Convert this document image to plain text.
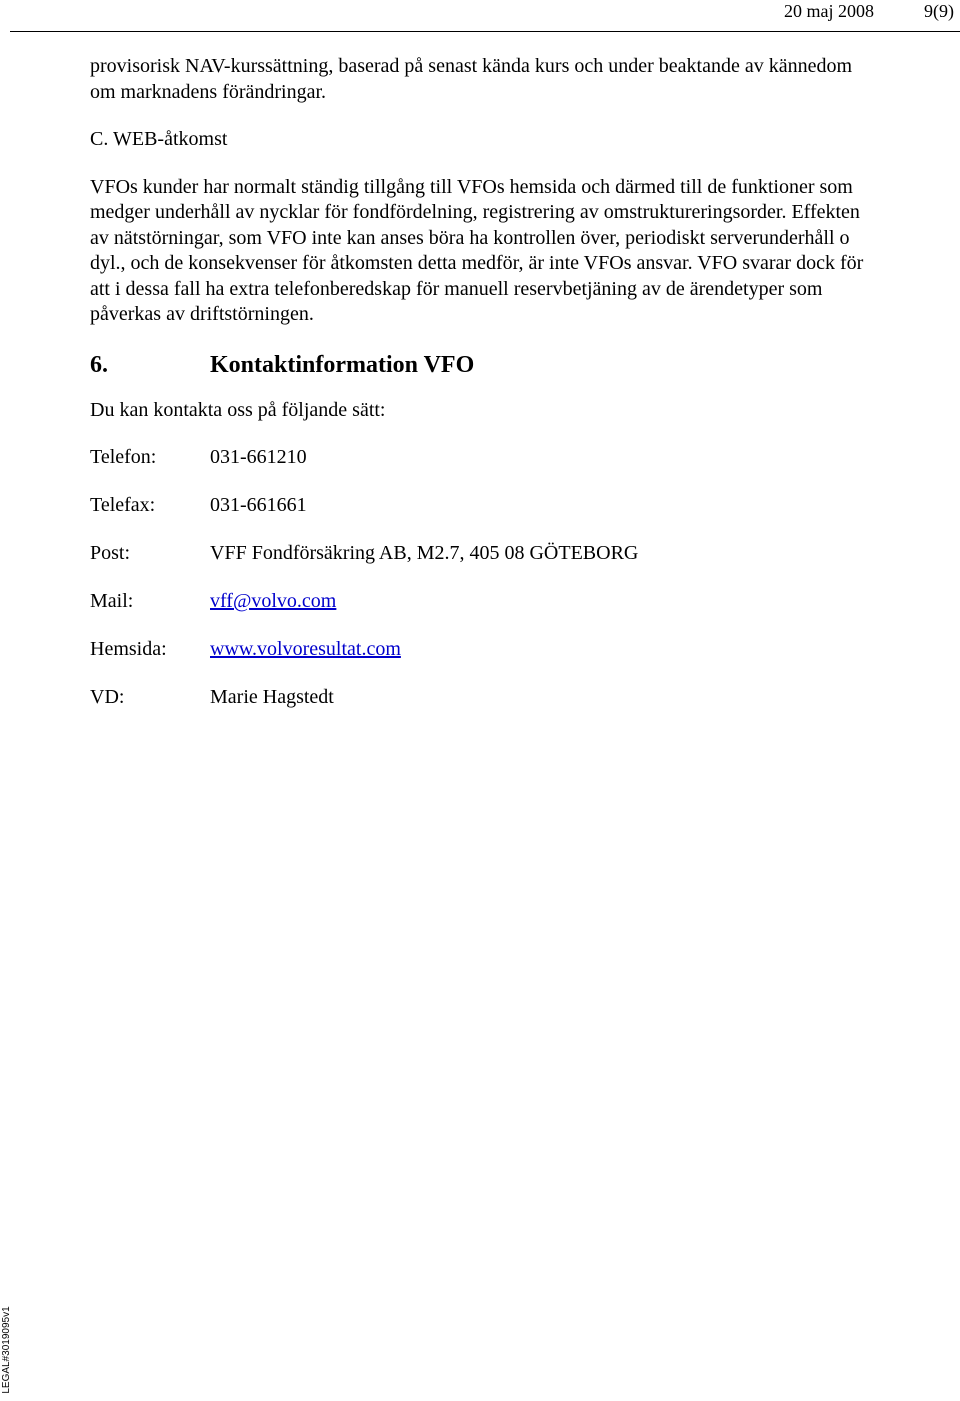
20 maj 2008	9(9)

provisorisk NAV-kurssättning, baserad på senast kända kurs och under beaktande av kännedom om marknadens förändringar.

C. WEB-åtkomst

VFOs kunder har normalt ständig tillgång till VFOs hemsida och därmed till de funktioner som medger underhåll av nycklar för fondfördelning, registrering av omstruktureringsorder. Effekten av nätstörningar, som VFO inte kan anses böra ha kontrollen över, periodiskt serverunderhåll o dyl., och de konsekvenser för åtkomsten detta medför, är inte VFOs ansvar. VFO svarar dock för att i dessa fall ha extra telefonberedskap för manuell reservbetjäning av de ärendetyper som påverkas av driftstörningen.

6.	Kontaktinformation VFO

Du kan kontakta oss på följande sätt:

Telefon:	031-661210
Telefax:	031-661661
Post:	VFF Fondförsäkring AB, M2.7, 405 08 GÖTEBORG
Mail:	vff@volvo.com
Hemsida:	www.volvoresultat.com
VD:	Marie Hagstedt
LEGAL#3019095v1
